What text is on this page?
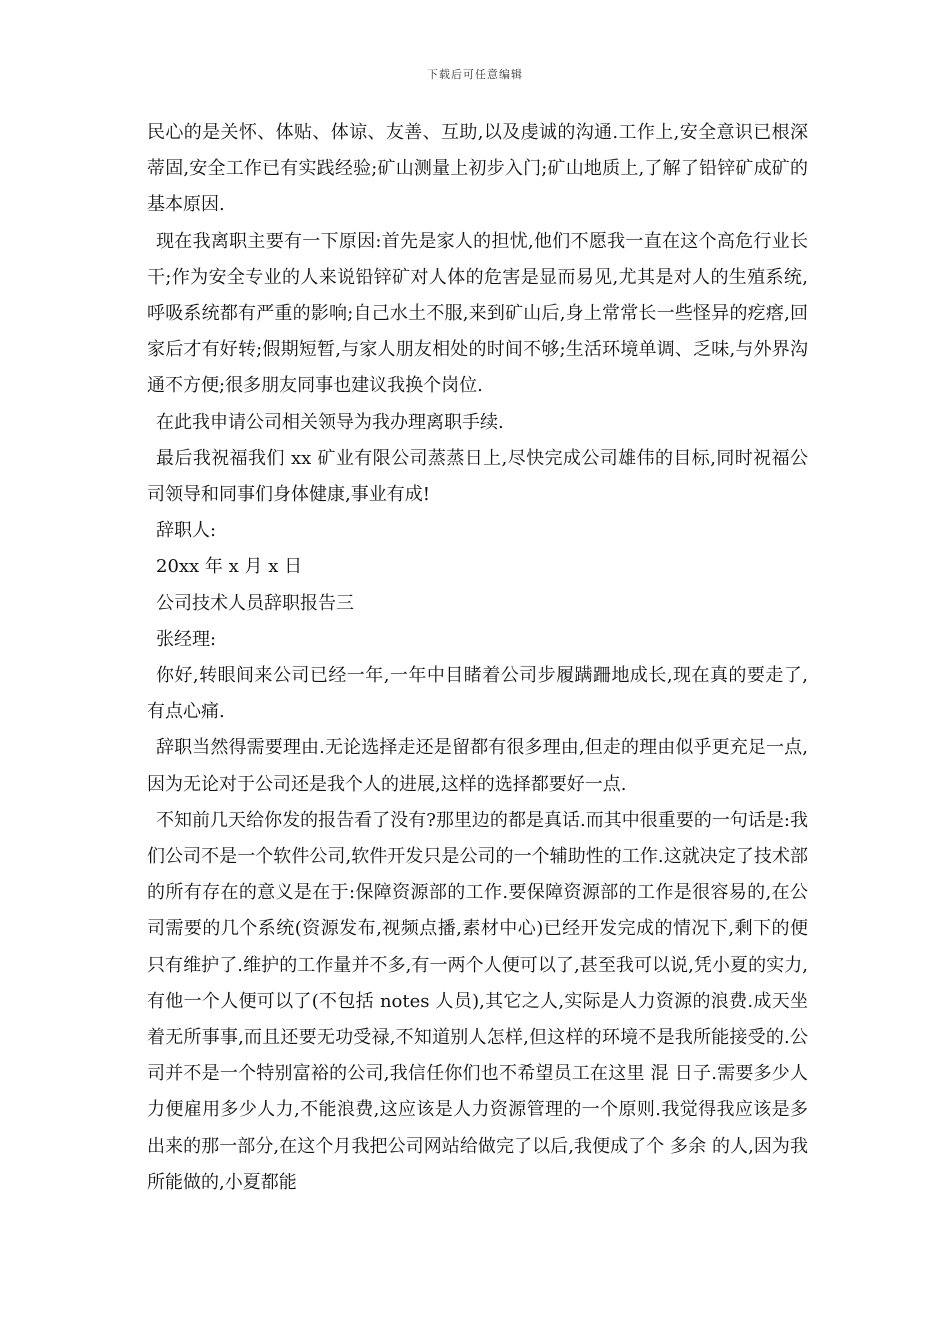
下载后可任意编辑

民心的是关怀、体贴、体谅、友善、互助,以及虔诚的沟通.工作上,安全意识已根深蒂固,安全工作已有实践经验;矿山测量上初步入门;矿山地质上,了解了铅锌矿成矿的基本原因.

现在我离职主要有一下原因:首先是家人的担忧,他们不愿我一直在这个高危行业长干;作为安全专业的人来说铅锌矿对人体的危害是显而易见,尤其是对人的生殖系统,呼吸系统都有严重的影响;自己水土不服,来到矿山后,身上常常长一些怪异的疙瘩,回家后才有好转;假期短暂,与家人朋友相处的时间不够;生活环境单调、乏味,与外界沟通不方便;很多朋友同事也建议我换个岗位.

在此我申请公司相关领导为我办理离职手续.

最后我祝福我们 xx 矿业有限公司蒸蒸日上,尽快完成公司雄伟的目标,同时祝福公司领导和同事们身体健康,事业有成!

辞职人:

20xx 年 x 月 x 日

公司技术人员辞职报告三

张经理:

你好,转眼间来公司已经一年,一年中目睹着公司步履蹒跚地成长,现在真的要走了,有点心痛.

辞职当然得需要理由.无论选择走还是留都有很多理由,但走的理由似乎更充足一点,因为无论对于公司还是我个人的进展,这样的选择都要好一点.

不知前几天给你发的报告看了没有?那里边的都是真话.而其中很重要的一句话是:我们公司不是一个软件公司,软件开发只是公司的一个辅助性的工作.这就决定了技术部的所有存在的意义是在于:保障资源部的工作.要保障资源部的工作是很容易的,在公司需要的几个系统(资源发布,视频点播,素材中心)已经开发完成的情况下,剩下的便只有维护了.维护的工作量并不多,有一两个人便可以了,甚至我可以说,凭小夏的实力,有他一个人便可以了(不包括 notes 人员),其它之人,实际是人力资源的浪费.成天坐着无所事事,而且还要无功受禄,不知道别人怎样,但这样的环境不是我所能接受的.公司并不是一个特别富裕的公司,我信任你们也不希望员工在这里 混 日子.需要多少人力便雇用多少人力,不能浪费,这应该是人力资源管理的一个原则.我觉得我应该是多出来的那一部分,在这个月我把公司网站给做完了以后,我便成了个 多余 的人,因为我所能做的,小夏都能
